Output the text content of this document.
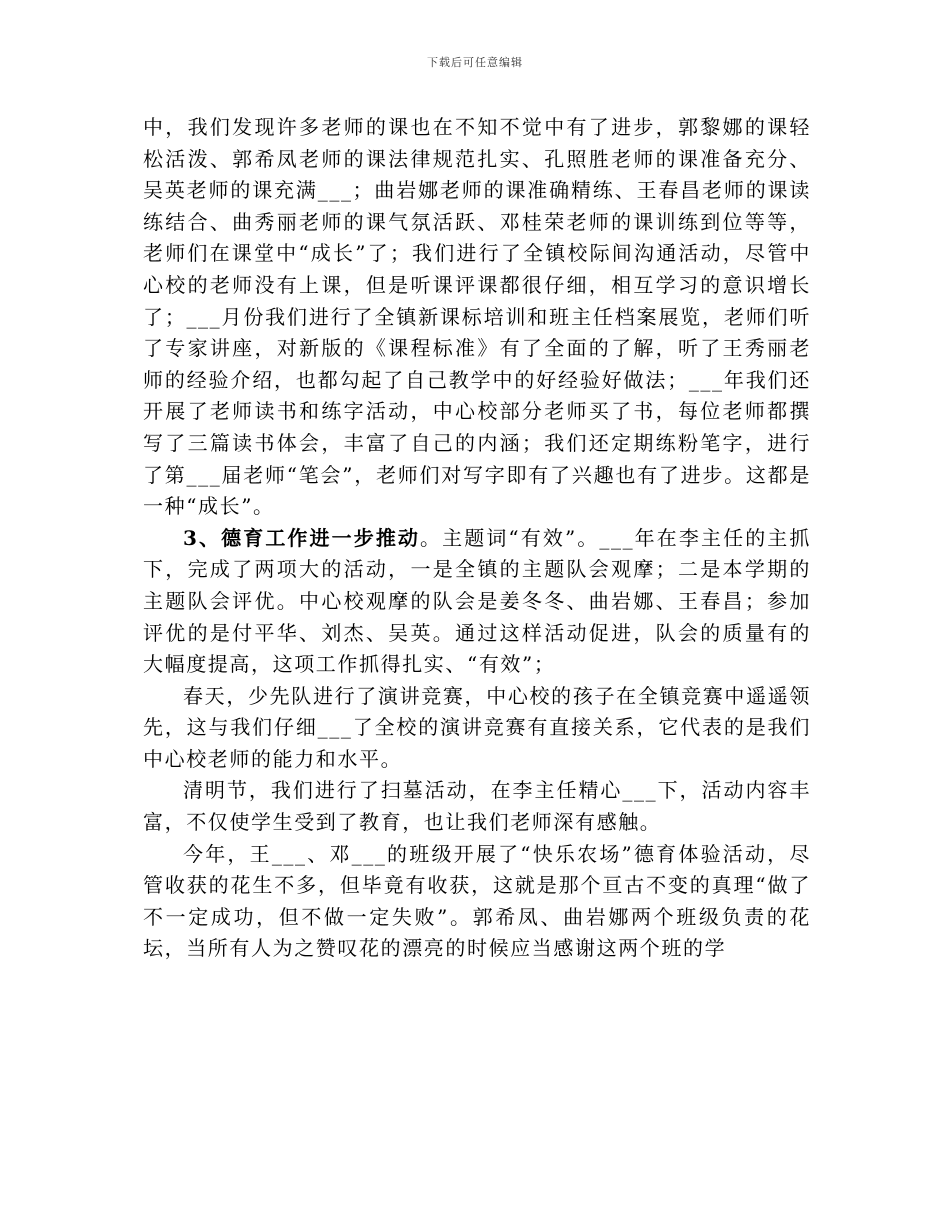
下载后可任意编辑

中，我们发现许多老师的课也在不知不觉中有了进步，郭黎娜的课轻松活泼、郭希凤老师的课法律规范扎实、孔照胜老师的课准备充分、吴英老师的课充满___；曲岩娜老师的课准确精练、王春昌老师的课读练结合、曲秀丽老师的课气氛活跃、邓桂荣老师的课训练到位等等，老师们在课堂中“成长”了；我们进行了全镇校际间沟通活动，尽管中心校的老师没有上课，但是听课评课都很仔细，相互学习的意识增长了；___月份我们进行了全镇新课标培训和班主任档案展览，老师们听了专家讲座，对新版的《课程标准》有了全面的了解，听了王秀丽老师的经验介绍，也都勾起了自己教学中的好经验好做法；___年我们还开展了老师读书和练字活动，中心校部分老师买了书，每位老师都撰写了三篇读书体会，丰富了自己的内涵；我们还定期练粉笔字，进行了第___届老师“笔会”，老师们对写字即有了兴趣也有了进步。这都是一种“成长”。

3、德育工作进一步推动。主题词“有效”。___年在李主任的主抓下，完成了两项大的活动，一是全镇的主题队会观摩；二是本学期的主题队会评优。中心校观摩的队会是姜冬冬、曲岩娜、王春昌；参加评优的是付平华、刘杰、吴英。通过这样活动促进，队会的质量有的大幅度提高，这项工作抓得扎实、“有效”；

春天，少先队进行了演讲竞赛，中心校的孩子在全镇竞赛中遥遥领先，这与我们仔细___了全校的演讲竞赛有直接关系，它代表的是我们中心校老师的能力和水平。

清明节，我们进行了扫墓活动，在李主任精心___下，活动内容丰富，不仅使学生受到了教育，也让我们老师深有感触。

今年，王___、邓___的班级开展了“快乐农场”德育体验活动，尽管收获的花生不多，但毕竟有收获，这就是那个亘古不变的真理“做了不一定成功，但不做一定失败”。郭希凤、曲岩娜两个班级负责的花坛，当所有人为之赞叹花的漂亮的时候应当感谢这两个班的学
